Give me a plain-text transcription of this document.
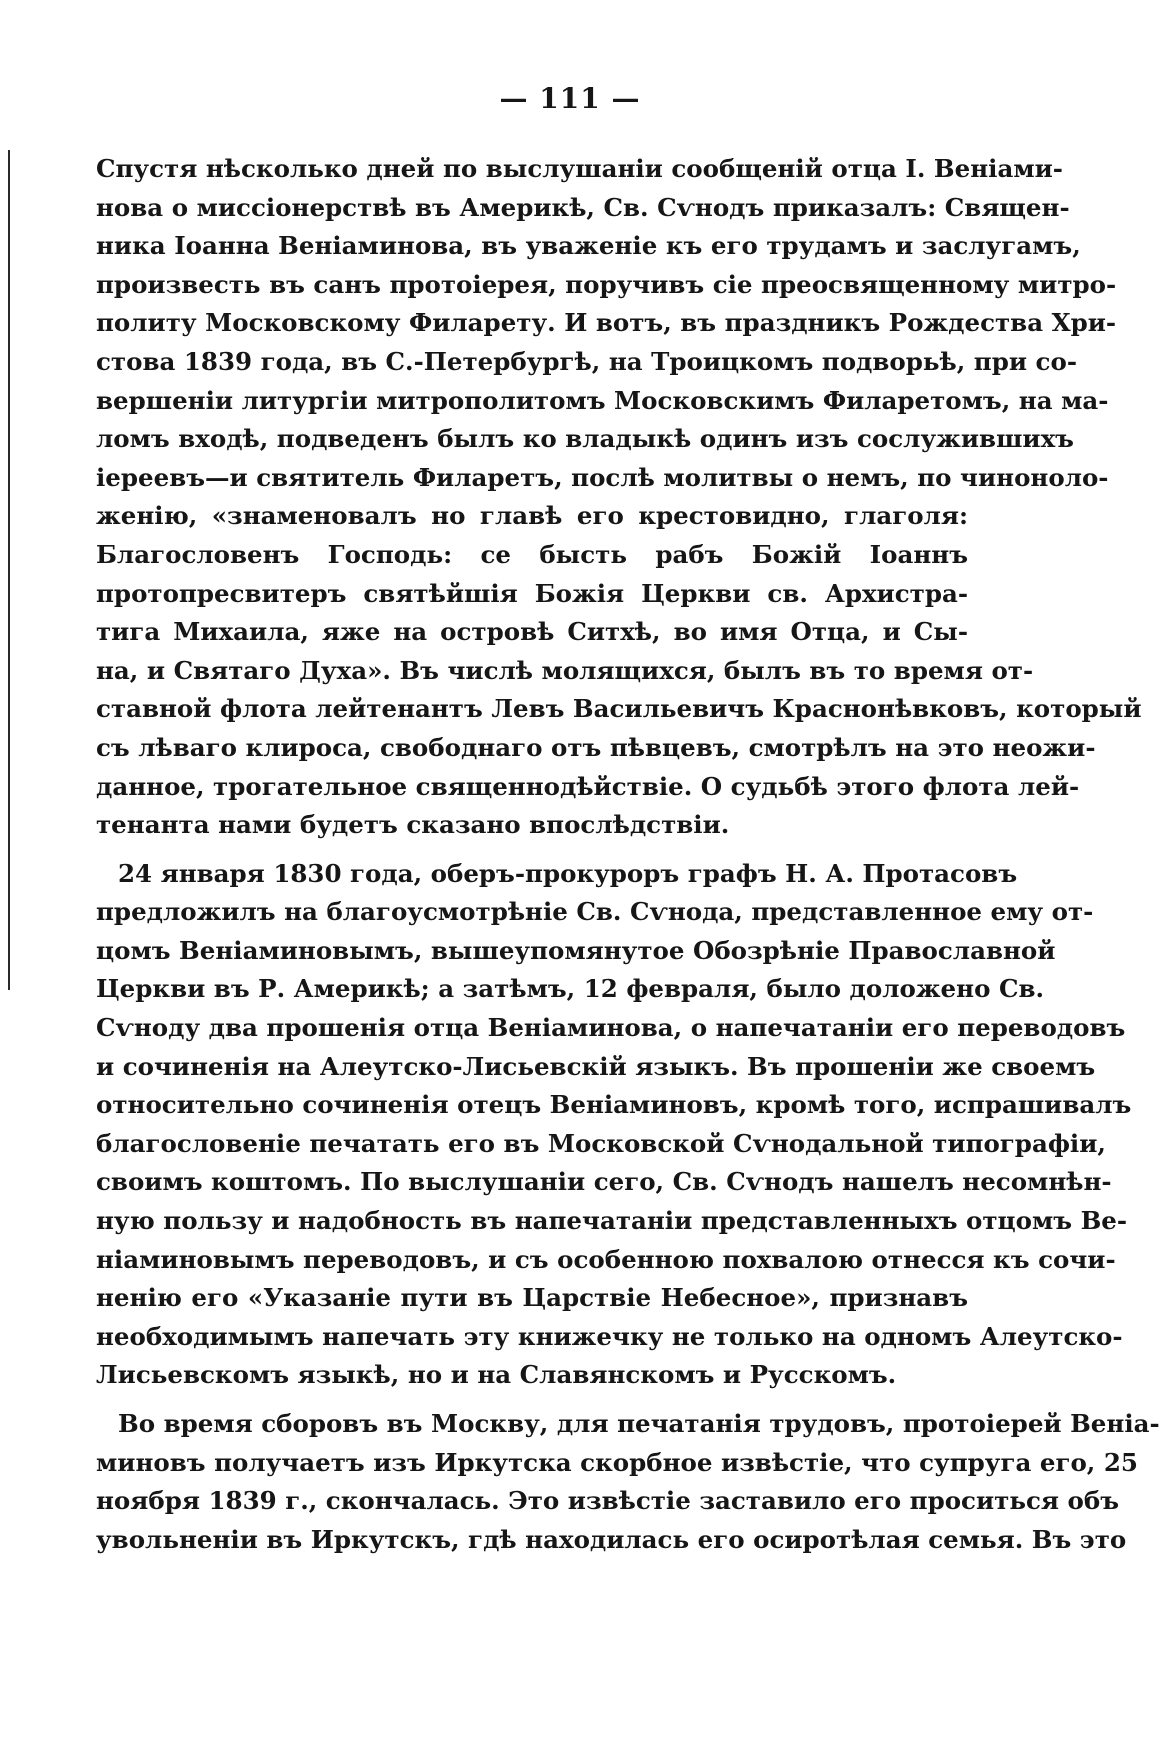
— 111 —
Спустя нѣсколько дней по выслушаніи сообщеній отца І. Веніами-
нова о миссіонерствѣ въ Америкѣ, Св. Сѵнодъ приказалъ: Священ-
ника Іоанна Веніаминова, въ уваженіе къ его трудамъ и заслугамъ,
произвесть въ санъ протоіерея, поручивъ сіе преосвященному митро-
политу Московскому Филарету. И вотъ, въ праздникъ Рождества Хри-
стова 1839 года, въ С.-Петербургѣ, на Троицкомъ подворьѣ, при со-
вершеніи литургіи митрополитомъ Московскимъ Филаретомъ, на ма-
ломъ входѣ, подведенъ былъ ко владыкѣ одинъ изъ сослужившихъ
іереевъ—и святитель Филаретъ, послѣ молитвы о немъ, по чиноноло-
женію, «знаменовалъ но главѣ его крестовидно, глаголя:
Благословенъ Господь: се бысть рабъ Божій Іоаннъ
протопресвитеръ святѣйшія Божія Церкви св. Архистра-
тига Михаила, яже на островѣ Ситхѣ, во имя Отца, и Сы-
на, и Святаго Духа». Въ числѣ молящихся, былъ въ то время от-
ставной флота лейтенантъ Левъ Васильевичъ Краснонѣвковъ, который
съ лѣваго клироса, свободнаго отъ пѣвцевъ, смотрѣлъ на это неожи-
данное, трогательное священнодѣйствіе. О судьбѣ этого флота лей-
тенанта нами будетъ сказано впослѣдствіи.
24 января 1830 года, оберъ-прокуроръ графъ Н. А. Протасовъ
предложилъ на благоусмотрѣніе Св. Сѵнода, представленное ему от-
цомъ Веніаминовымъ, вышеупомянутое Обозрѣніе Православной
Церкви въ Р. Америкѣ; а затѣмъ, 12 февраля, было доложено Св.
Сѵноду два прошенія отца Веніаминова, о напечатаніи его переводовъ
и сочиненія на Алеутско-Лисьевскій языкъ. Въ прошеніи же своемъ
относительно сочиненія отецъ Веніаминовъ, кромѣ того, испрашивалъ
благословеніе печатать его въ Московской Сѵнодальной типографіи,
своимъ коштомъ. По выслушаніи сего, Св. Сѵнодъ нашелъ несомнѣн-
ную пользу и надобность въ напечатаніи представленныхъ отцомъ Ве-
ніаминовымъ переводовъ, и съ особенною похвалою отнесся къ сочи-
ненію его «Указаніе пути въ Царствіе Небесное», признавъ
необходимымъ напечать эту книжечку не только на одномъ Алеутско-
Лисьевскомъ языкѣ, но и на Славянскомъ и Русскомъ.
Во время сборовъ въ Москву, для печатанія трудовъ, протоіерей Веніа-
миновъ получаетъ изъ Иркутска скорбное извѣстіе, что супруга его, 25
ноября 1839 г., скончалась. Это извѣстіе заставило его проситься объ
увольненіи въ Иркутскъ, гдѣ находилась его осиротѣлая семья. Въ это
